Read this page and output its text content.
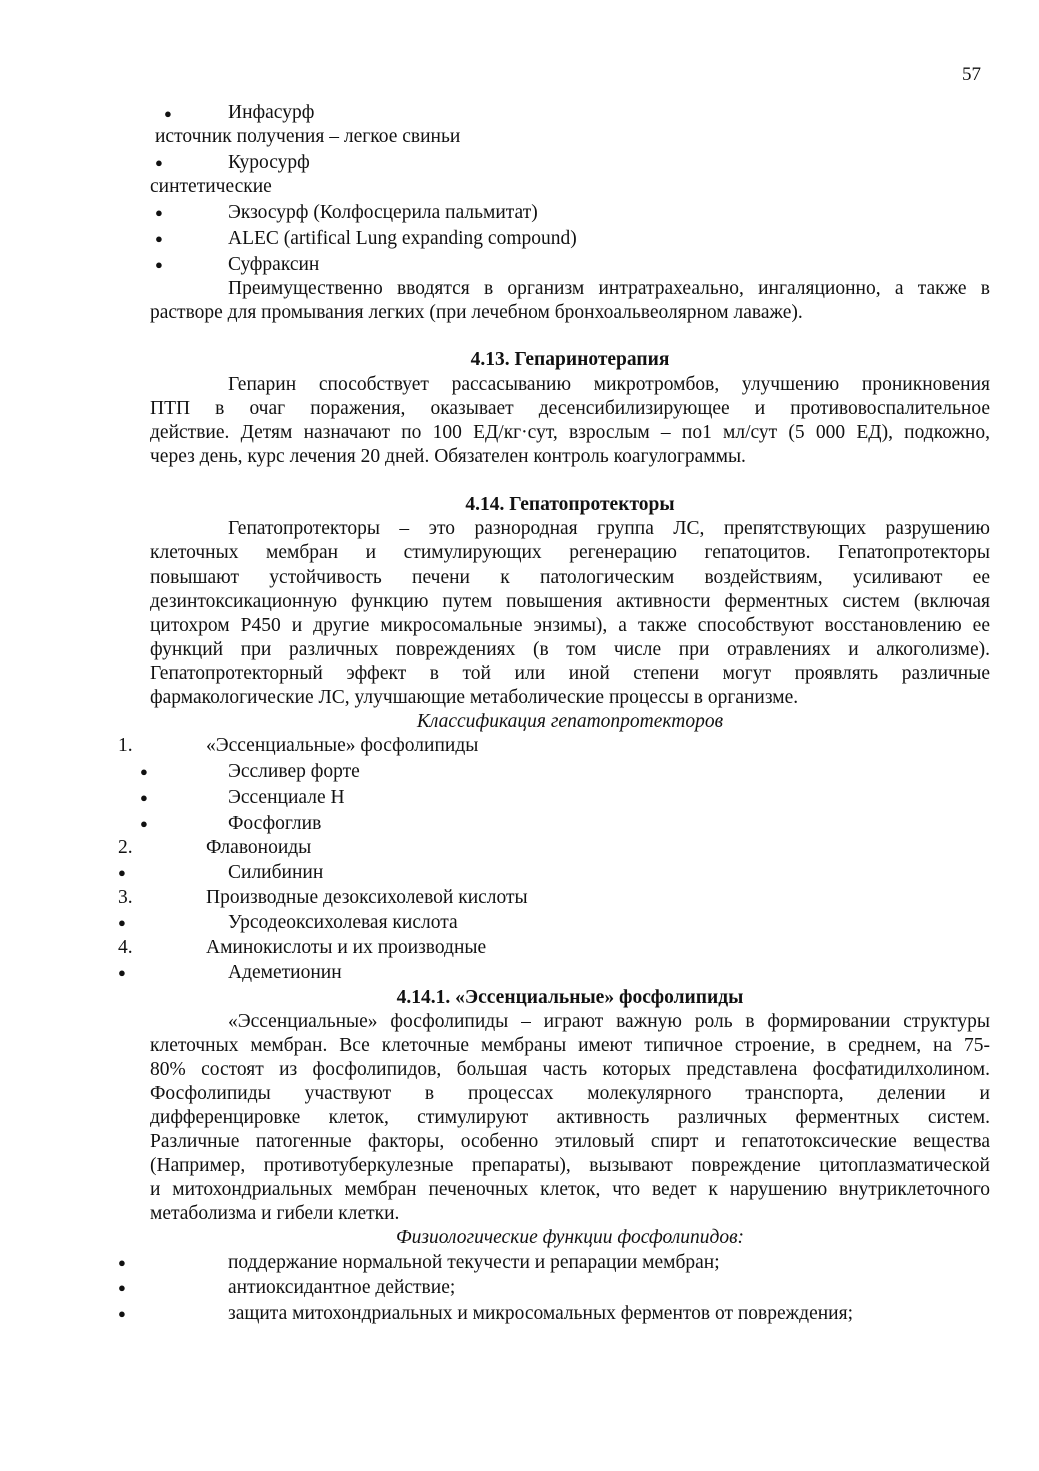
57
●	Инфасурф
источник получения – легкое свиньи
●	Куросурф
синтетические
●	Экзосурф (Колфосцерила пальмитат)
●	ALEC (artifical Lung expanding compound)
●	Суфраксин
Преимущественно вводятся в организм интратрахеально, ингаляционно, а также в
растворе для промывания легких (при лечебном бронхоальвеолярном лаваже).
4.13. Гепаринотерапия
Гепарин способствует рассасыванию микротромбов, улучшению проникновения
ПТП в очаг поражения, оказывает десенсибилизирующее и противовоспалительное
действие. Детям назначают по 100 ЕД/кг·сут, взрослым – по1 мл/сут (5 000 ЕД), подкожно,
через день, курс лечения 20 дней. Обязателен контроль коагулограммы.
4.14. Гепатопротекторы
Гепатопротекторы – это разнородная группа ЛС, препятствующих разрушению
клеточных мембран и стимулирующих регенерацию гепатоцитов. Гепатопротекторы
повышают устойчивость печени к патологическим воздействиям, усиливают ее
дезинтоксикационную функцию путем повышения активности ферментных систем (включая
цитохром Р450 и другие микросомальные энзимы), а также способствуют восстановлению ее
функций при различных повреждениях (в том числе при отравлениях и алкоголизме).
Гепатопротекторный эффект в той или иной степени могут проявлять различные
фармакологические ЛС, улучшающие метаболические процессы в организме.
Классификация гепатопротекторов
1.	«Эссенциальные» фосфолипиды
●	Эссливер форте
●	Эссенциале Н
●	Фосфоглив
2.	Флавоноиды
●	Силибинин
3.	Производные дезоксихолевой кислоты
●	Урсодеоксихолевая кислота
4.	Аминокислоты и их производные
●	Адеметионин
4.14.1. «Эссенциальные» фосфолипиды
«Эссенциальные» фосфолипиды – играют важную роль в формировании структуры
клеточных мембран. Все клеточные мембраны имеют типичное строение, в среднем, на 75-
80% состоят из фосфолипидов, большая часть которых представлена фосфатидилхолином.
Фосфолипиды участвуют в процессах молекулярного транспорта, делении и
дифференцировке клеток, стимулируют активность различных ферментных систем.
Различные патогенные факторы, особенно этиловый спирт и гепатотоксические вещества
(Например, противотуберкулезные препараты), вызывают повреждение цитоплазматической
и митохондриальных мембран печеночных клеток, что ведет к нарушению внутриклеточного
метаболизма и гибели клетки.
Физиологические функции фосфолипидов:
●	поддержание нормальной текучести и репарации мембран;
●	антиоксидантное действие;
●	защита митохондриальных и микросомальных ферментов от повреждения;
